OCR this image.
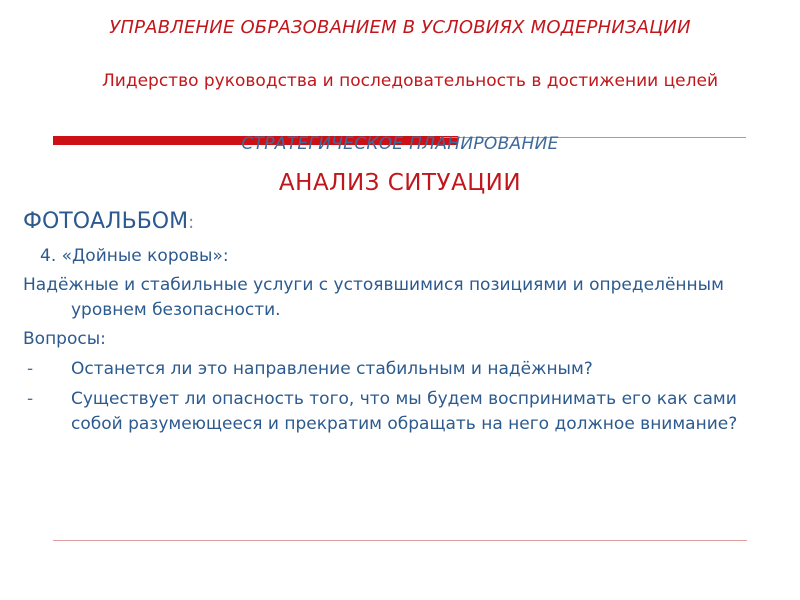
УПРАВЛЕНИЕ ОБРАЗОВАНИЕМ В УСЛОВИЯХ МОДЕРНИЗАЦИИ
Лидерство руководства и последовательность в достижении целей
СТРАТЕГИЧЕСКОЕ ПЛАНИРОВАНИЕ
АНАЛИЗ СИТУАЦИИ

ФОТОАЛЬБОМ:

4. «Дойные коровы»:

Надёжные и стабильные услуги с устоявшимися позициями и определённым уровнем безопасности.

Вопросы:

- Останется ли это направление стабильным и надёжным?

- Существует ли опасность того, что мы будем воспринимать его как сами собой разумеющееся и прекратим обращать на него должное внимание?
